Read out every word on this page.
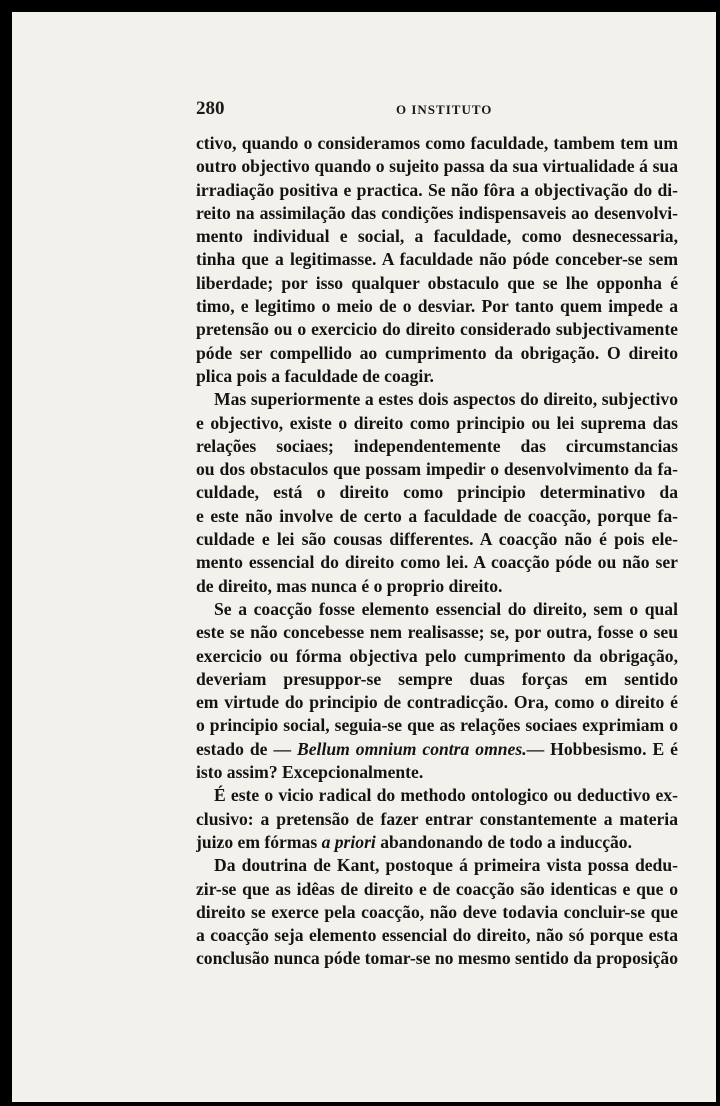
280	O INSTITUTO
ctivo, quando o consideramos como faculdade, tambem tem um
outro objectivo quando o sujeito passa da sua virtualidade á sua
irradiação positiva e practica. Se não fôra a objectivação do di-
reito na assimilação das condições indispensaveis ao desenvolvi-
mento individual e social, a faculdade, como desnecessaria,
tinha que a legitimasse. A faculdade não póde conceber-se sem
liberdade; por isso qualquer obstaculo que se lhe opponha é
timo, e legitimo o meio de o desviar. Por tanto quem impede a
pretensão ou o exercicio do direito considerado subjectivamente
póde ser compellido ao cumprimento da obrigação. O direito
plica pois a faculdade de coagir.
Mas superiormente a estes dois aspectos do direito, subjectivo
e objectivo, existe o direito como principio ou lei suprema das
relações sociaes; independentemente das circumstancias
ou dos obstaculos que possam impedir o desenvolvimento da fa-
culdade, está o direito como principio determinativo da
e este não involve de certo a faculdade de coacção, porque fa-
culdade e lei são cousas differentes. A coacção não é pois ele-
mento essencial do direito como lei. A coacção póde ou não ser
de direito, mas nunca é o proprio direito.
Se a coacção fosse elemento essencial do direito, sem o qual
este se não concebesse nem realisasse; se, por outra, fosse o seu
exercicio ou fórma objectiva pelo cumprimento da obrigação,
deveriam presuppor-se sempre duas forças em sentido
em virtude do principio de contradicção. Ora, como o direito é
o principio social, seguia-se que as relações sociaes exprimiam o
estado de — Bellum omnium contra omnes.— Hobbesismo. E é
isto assim? Excepcionalmente.
É este o vicio radical do methodo ontologico ou deductivo ex-
clusivo: a pretensão de fazer entrar constantemente a materia
juizo em fórmas a priori abandonando de todo a inducção.
Da doutrina de Kant, postoque á primeira vista possa dedu-
zir-se que as idêas de direito e de coacção são identicas e que o
direito se exerce pela coacção, não deve todavia concluir-se que
a coacção seja elemento essencial do direito, não só porque esta
conclusão nunca póde tomar-se no mesmo sentido da proposição
